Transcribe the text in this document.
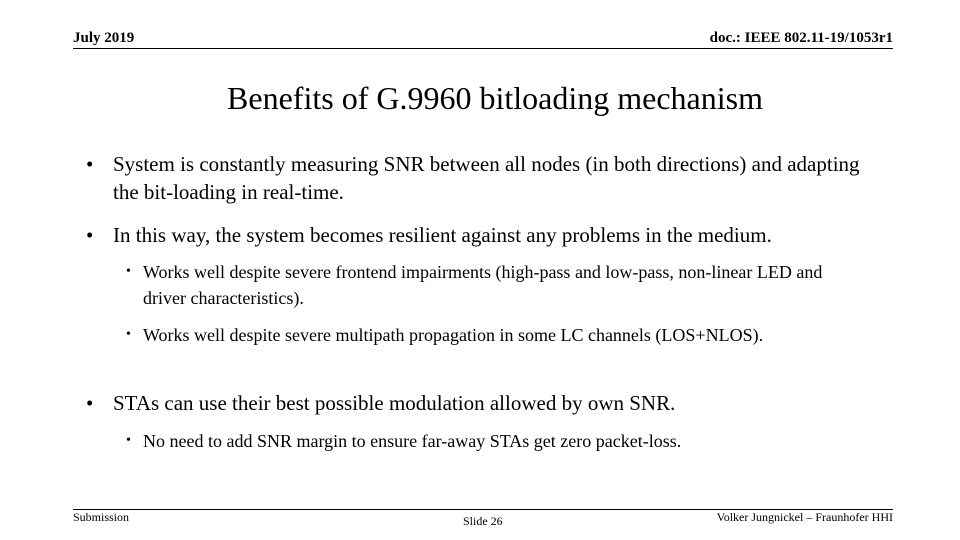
July 2019	doc.: IEEE 802.11-19/1053r1
Benefits of G.9960 bitloading mechanism
• System is constantly measuring SNR between all nodes (in both directions) and adapting the bit-loading in real-time.
• In this way, the system becomes resilient against any problems in the medium.
• Works well despite severe frontend impairments (high-pass and low-pass, non-linear LED and driver characteristics).
• Works well despite severe multipath propagation in some LC channels (LOS+NLOS).
• STAs can use their best possible modulation allowed by own SNR.
• No need to add SNR margin to ensure far-away STAs get zero packet-loss.
Submission	Slide 26	Volker Jungnickel – Fraunhofer HHI
